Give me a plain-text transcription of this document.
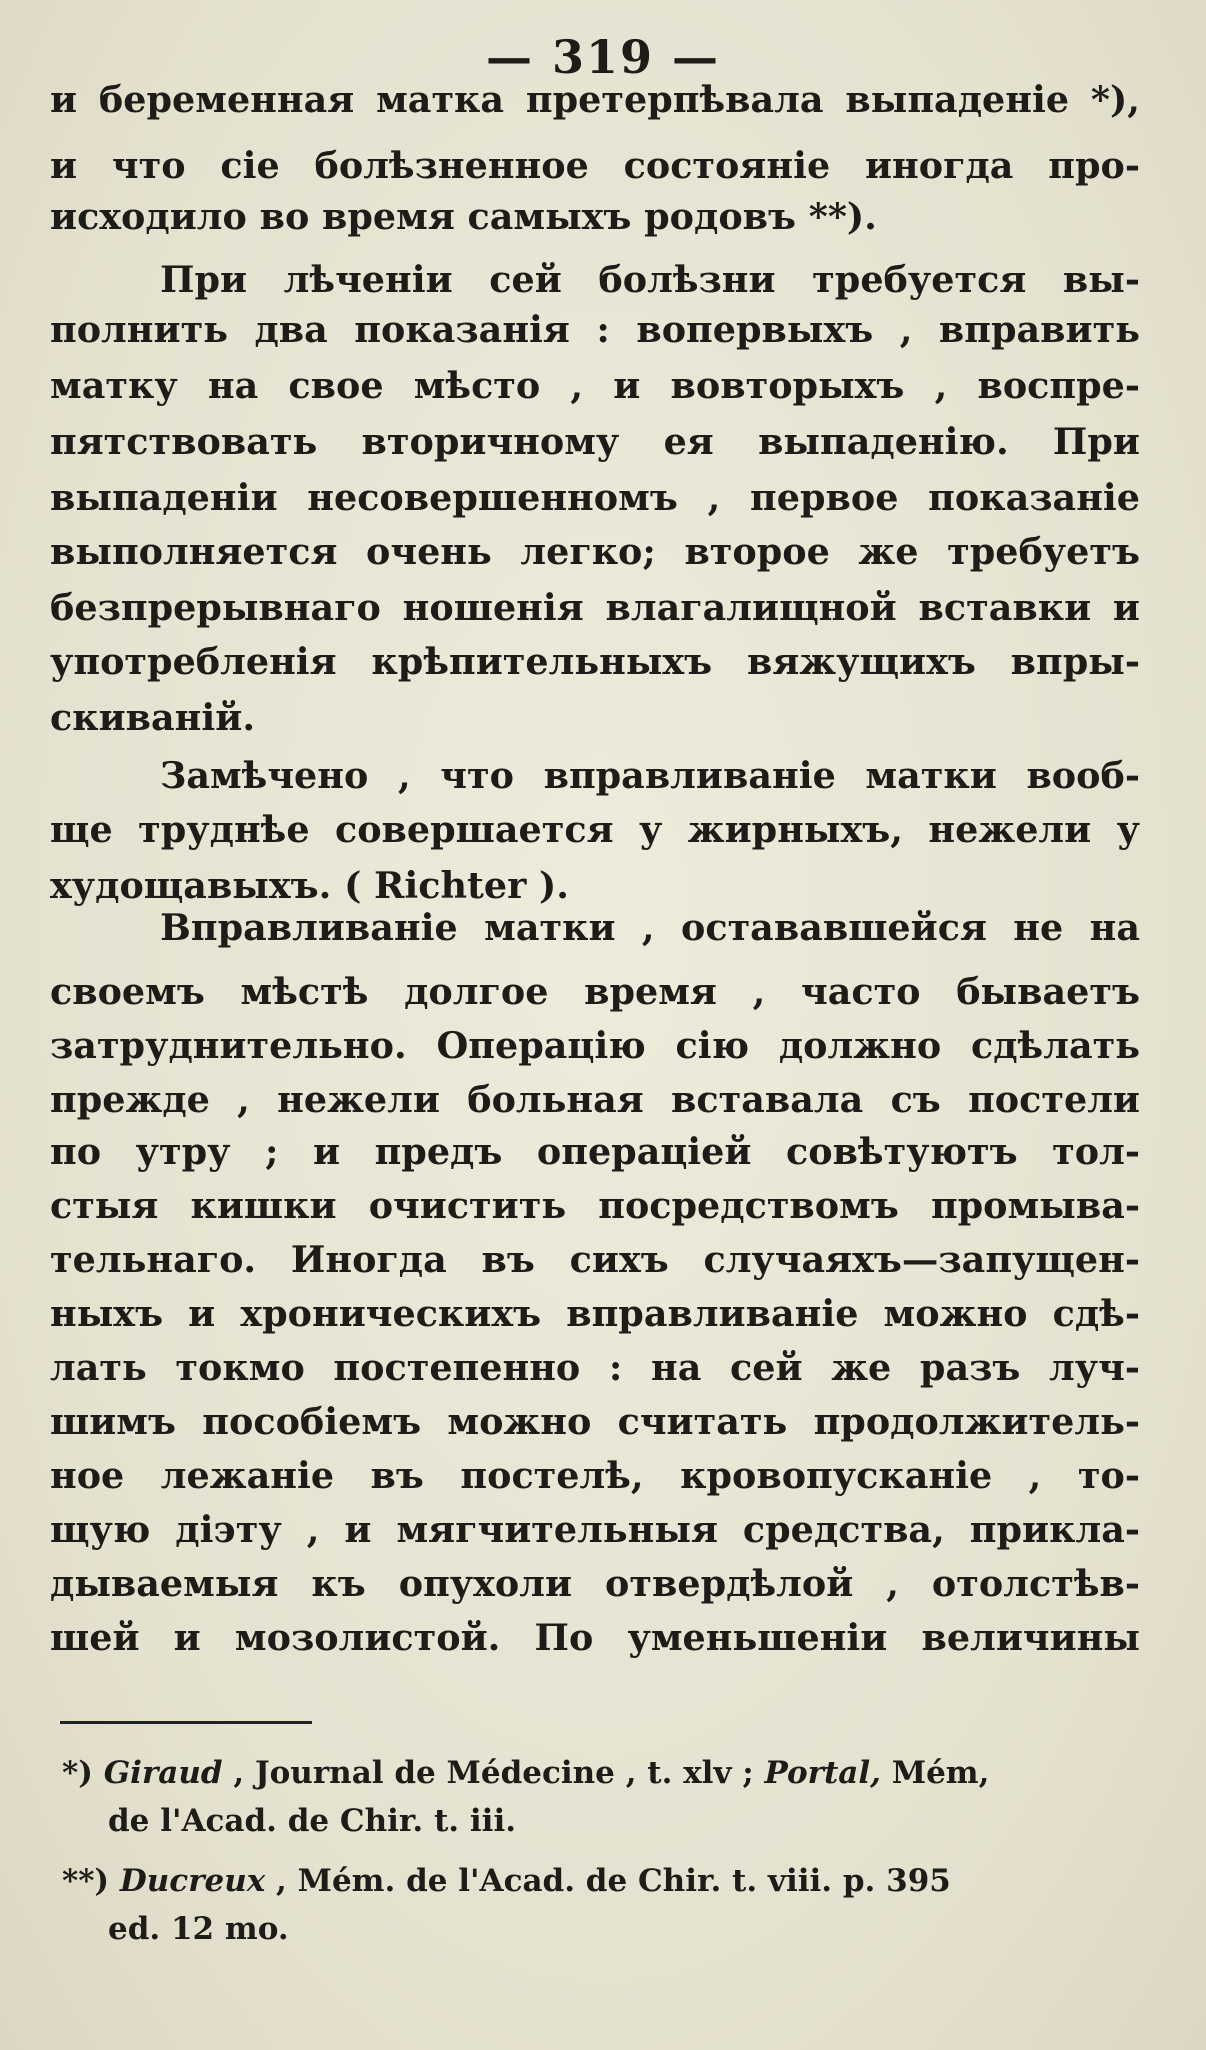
— 319 —
и беременная матка претерпѣвала выпаденіе *),
и что сіе болѣзненное состояніе иногда про-
исходило во время самыхъ родовъ **).
При лѣченіи сей болѣзни требуется вы-
полнить два показанія : вопервыхъ , вправить
матку на свое мѣсто , и вовторыхъ , воспре-
пятствовать вторичному ея выпаденію. При
выпаденіи несовершенномъ , первое показаніе
выполняется очень легко; второе же требуетъ
безпрерывнаго ношенія влагалищной вставки и
употребленія крѣпительныхъ вяжущихъ впры-
скиваній.
Замѣчено , что вправливаніе матки вооб-
ще труднѣе совершается у жирныхъ, нежели у
худощавыхъ. ( Richter ).
Вправливаніе матки , остававшейся не на
своемъ мѣстѣ долгое время , часто бываетъ
затруднительно. Операцію сію должно сдѣлать
прежде , нежели больная вставала съ постели
по утру ; и предъ операціей совѣтуютъ тол-
стыя кишки очистить посредствомъ промыва-
тельнаго. Иногда въ сихъ случаяхъ—запущен-
ныхъ и хроническихъ вправливаніе можно сдѣ-
лать токмо постепенно : на сей же разъ луч-
шимъ пособіемъ можно считать продолжитель-
ное лежаніе въ постелѣ, кровопусканіе , то-
щую діэту , и мягчительныя средства, прикла-
дываемыя къ опухоли отвердѣлой , отолстѣв-
шей и мозолистой. По уменьшеніи величины
*) Giraud , Journal de Médecine , t. xlv ; Portal, Mém,
de l'Acad. de Chir. t. iii.
**) Ducreux , Mém. de l'Acad. de Chir. t. viii. p. 395
ed. 12 mo.
